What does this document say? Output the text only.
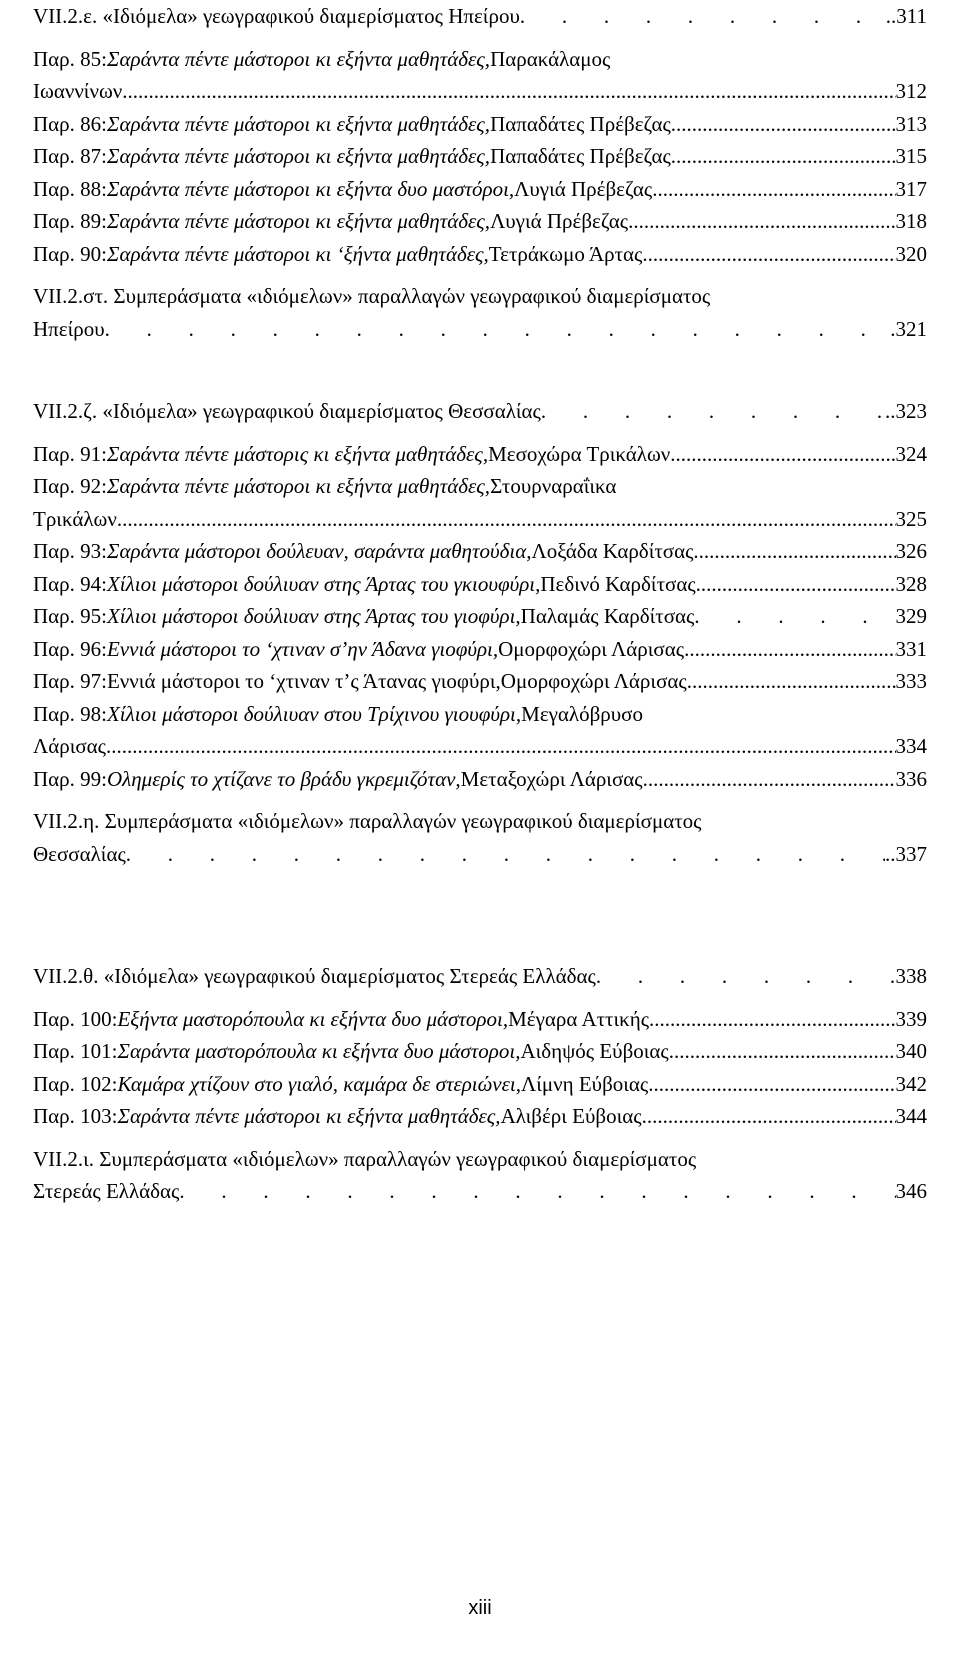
VII.2.ε. «Ιδιόμελα» γεωγραφικού διαμερίσματος Ηπείρου .	..311
Παρ. 85: Σαράντα πέντε μάστοροι κι εξήντα μαθητάδες, Παρακάλαμος
Ιωαννίνων .....	312
Παρ. 86: Σαράντα πέντε μάστοροι κι εξήντα μαθητάδες, Παπαδάτες Πρέβεζας .....	313
Παρ. 87: Σαράντα πέντε μάστοροι κι εξήντα μαθητάδες, Παπαδάτες Πρέβεζας .....	315
Παρ. 88: Σαράντα πέντε μάστοροι κι εξήντα δυο μαστόροι, Λυγιά Πρέβεζας .....	317
Παρ. 89: Σαράντα πέντε μάστοροι κι εξήντα μαθητάδες, Λυγιά Πρέβεζας .....	318
Παρ. 90: Σαράντα πέντε μάστοροι κι ‘ξήντα μαθητάδες, Τετράκωμο Άρτας .....	320
VII.2.στ. Συμπεράσματα «ιδιόμελων» παραλλαγών γεωγραφικού διαμερίσματος
Ηπείρου .	.321
VII.2.ζ. «Ιδιόμελα» γεωγραφικού διαμερίσματος Θεσσαλίας .	..323
Παρ. 91: Σαράντα πέντε μάστορις κι εξήντα μαθητάδες, Μεσοχώρα Τρικάλων .....	324
Παρ. 92: Σαράντα πέντε μάστοροι κι εξήντα μαθητάδες, Στουρναραΐικα
Τρικάλων .....	325
Παρ. 93: Σαράντα μάστοροι δούλευαν, σαράντα μαθητούδια, Λοξάδα Καρδίτσας .....	326
Παρ. 94: Χίλιοι μάστοροι δούλιυαν στης Άρτας του γκιουφύρι, Πεδινό Καρδίτσας .....	328
Παρ. 95: Χίλιοι μάστοροι δούλιυαν στης Άρτας του γιοφύρι, Παλαμάς Καρδίτσας .	329
Παρ. 96: Εννιά μάστοροι το ‘χτιναν σ’ην Άδανα γιοφύρι, Ομορφοχώρι Λάρισας .....	331
Παρ. 97: Εννιά μάστοροι το ‘χτιναν τ’ς Άτανας γιοφύρι, Ομορφοχώρι Λάρισας .....	333
Παρ. 98: Χίλιοι μάστοροι δούλιυαν στου Τρίχινου γιουφύρι, Μεγαλόβρυσο
Λάρισας .....	334
Παρ. 99: Ολημερίς το χτίζανε το βράδυ γκρεμιζόταν, Μεταξοχώρι Λάρισας .....	336
VII.2.η. Συμπεράσματα «ιδιόμελων» παραλλαγών γεωγραφικού διαμερίσματος
Θεσσαλίας .	..337
VII.2.θ. «Ιδιόμελα» γεωγραφικού διαμερίσματος Στερεάς Ελλάδας .	338
Παρ. 100: Εξήντα μαστορόπουλα κι εξήντα δυο μάστοροι, Μέγαρα Αττικής .....	339
Παρ. 101: Σαράντα μαστορόπουλα κι εξήντα δυο μάστοροι, Αιδηψός Εύβοιας .....	340
Παρ. 102: Καμάρα χτίζουν στο γιαλό, καμάρα δε στεριώνει, Λίμνη Εύβοιας .....	342
Παρ. 103: Σαράντα πέντε μάστοροι κι εξήντα μαθητάδες, Αλιβέρι Εύβοιας .....	344
VII.2.ι. Συμπεράσματα «ιδιόμελων» παραλλαγών γεωγραφικού διαμερίσματος
Στερεάς Ελλάδας .	346
xiii
